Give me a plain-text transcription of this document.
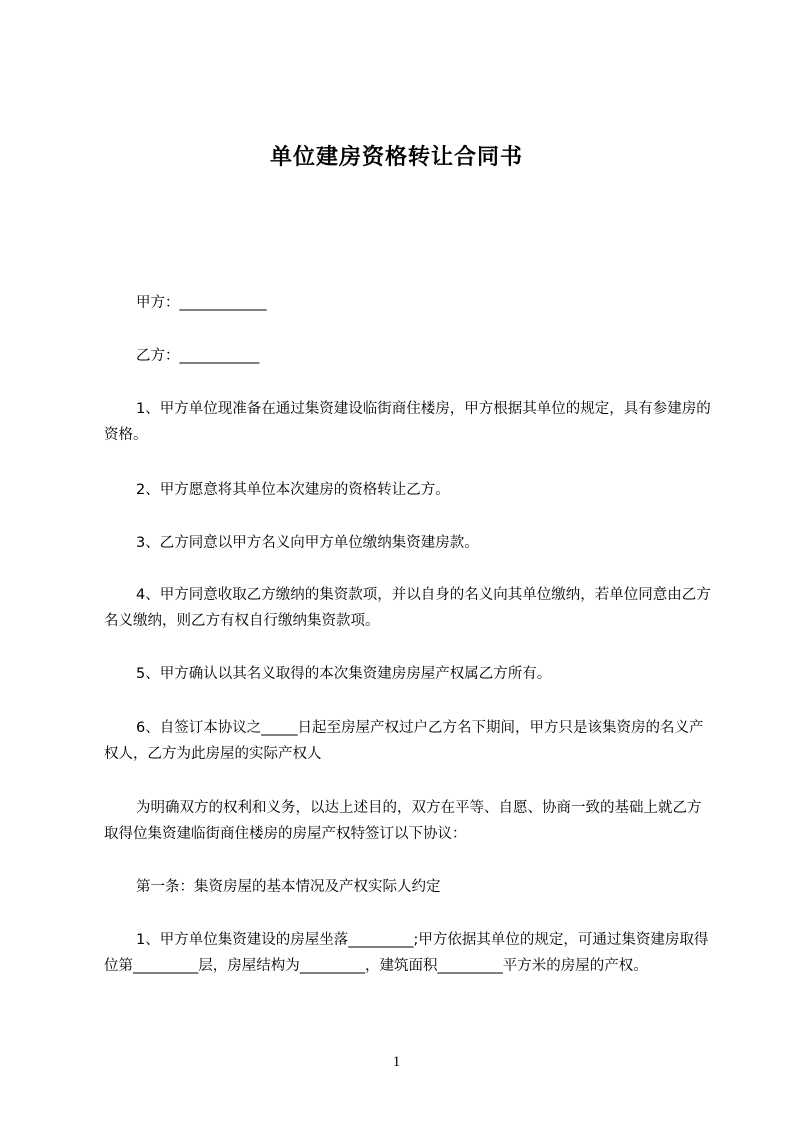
单位建房资格转让合同书
甲方：____________
乙方：___________
1、甲方单位现准备在通过集资建设临街商住楼房，甲方根据其单位的规定，具有参建房的资格。
2、甲方愿意将其单位本次建房的资格转让乙方。
3、乙方同意以甲方名义向甲方单位缴纳集资建房款。
4、甲方同意收取乙方缴纳的集资款项，并以自身的名义向其单位缴纳，若单位同意由乙方名义缴纳，则乙方有权自行缴纳集资款项。
5、甲方确认以其名义取得的本次集资建房房屋产权属乙方所有。
6、自签订本协议之_____日起至房屋产权过户乙方名下期间，甲方只是该集资房的名义产权人，乙方为此房屋的实际产权人
为明确双方的权利和义务，以达上述目的，双方在平等、自愿、协商一致的基础上就乙方取得位集资建临街商住楼房的房屋产权特签订以下协议：
第一条：集资房屋的基本情况及产权实际人约定
1、甲方单位集资建设的房屋坐落_________;甲方依据其单位的规定，可通过集资建房取得位第_________层，房屋结构为_________，建筑面积_________平方米的房屋的产权。
1
